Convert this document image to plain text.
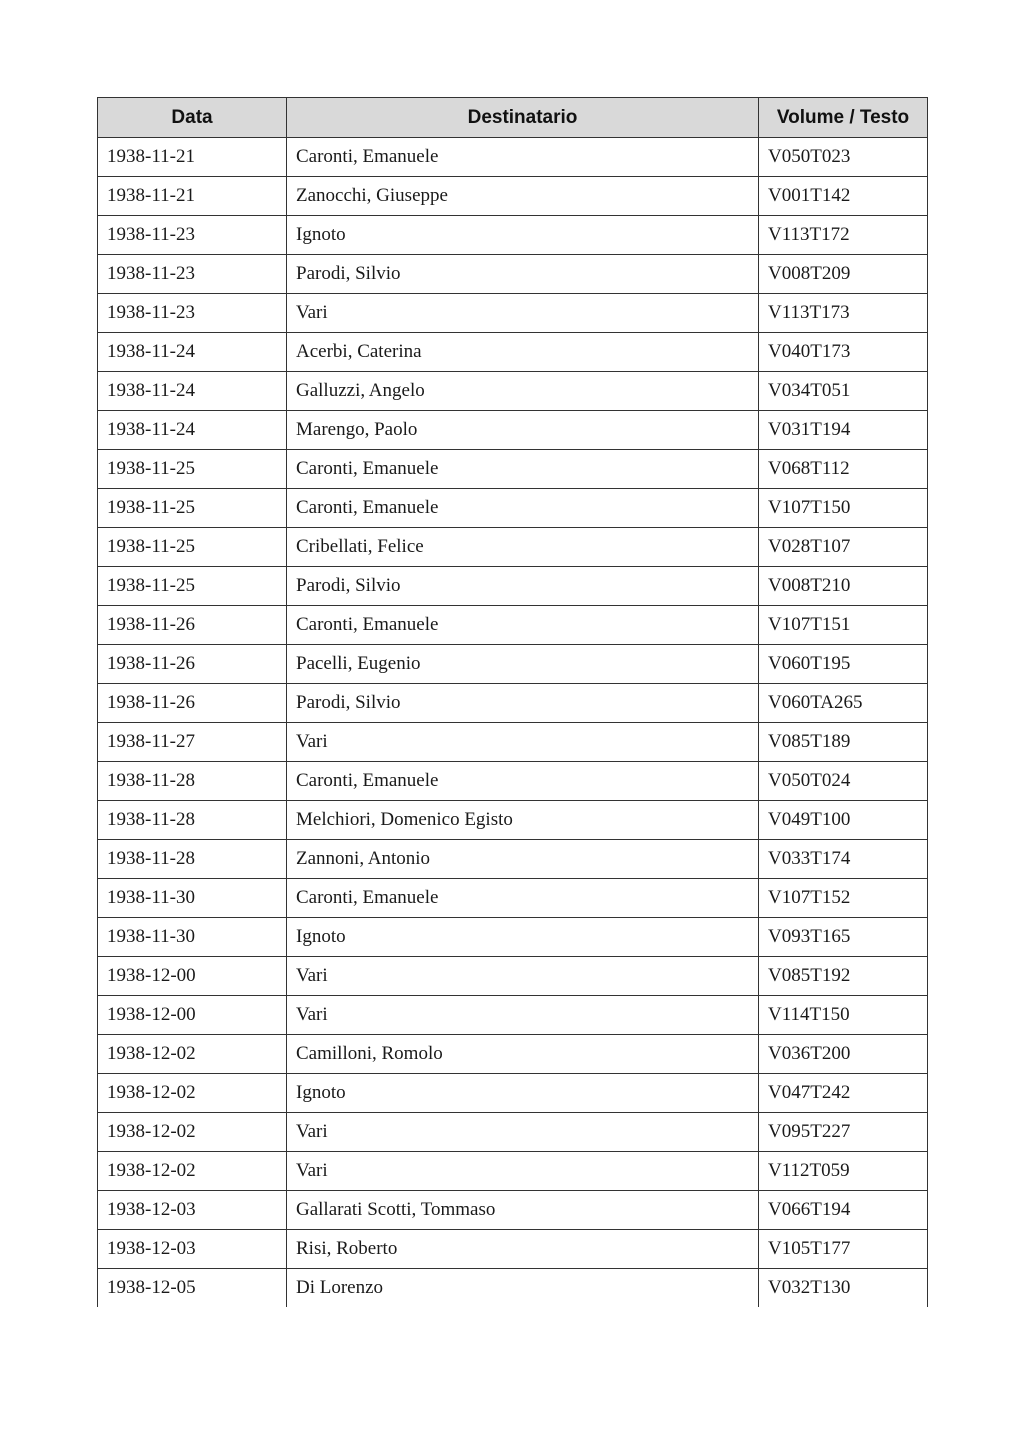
Data	Destinatario	Volume / Testo
1938-11-21	Caronti, Emanuele	V050T023
1938-11-21	Zanocchi, Giuseppe	V001T142
1938-11-23	Ignoto	V113T172
1938-11-23	Parodi, Silvio	V008T209
1938-11-23	Vari	V113T173
1938-11-24	Acerbi, Caterina	V040T173
1938-11-24	Galluzzi, Angelo	V034T051
1938-11-24	Marengo, Paolo	V031T194
1938-11-25	Caronti, Emanuele	V068T112
1938-11-25	Caronti, Emanuele	V107T150
1938-11-25	Cribellati, Felice	V028T107
1938-11-25	Parodi, Silvio	V008T210
1938-11-26	Caronti, Emanuele	V107T151
1938-11-26	Pacelli, Eugenio	V060T195
1938-11-26	Parodi, Silvio	V060TA265
1938-11-27	Vari	V085T189
1938-11-28	Caronti, Emanuele	V050T024
1938-11-28	Melchiori, Domenico Egisto	V049T100
1938-11-28	Zannoni, Antonio	V033T174
1938-11-30	Caronti, Emanuele	V107T152
1938-11-30	Ignoto	V093T165
1938-12-00	Vari	V085T192
1938-12-00	Vari	V114T150
1938-12-02	Camilloni, Romolo	V036T200
1938-12-02	Ignoto	V047T242
1938-12-02	Vari	V095T227
1938-12-02	Vari	V112T059
1938-12-03	Gallarati Scotti, Tommaso	V066T194
1938-12-03	Risi, Roberto	V105T177
1938-12-05	Di Lorenzo	V032T130
